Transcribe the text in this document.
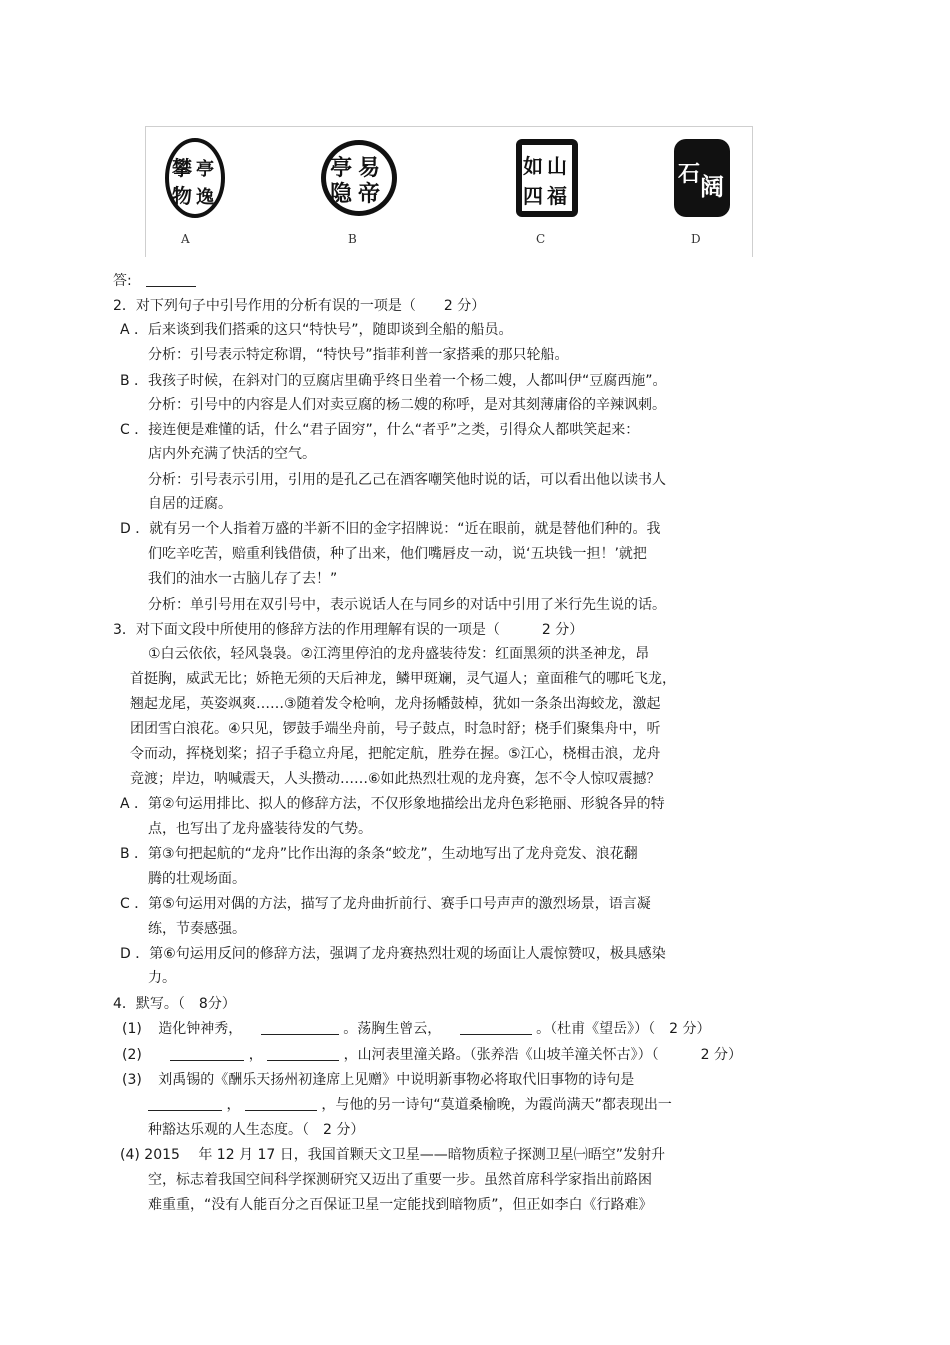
攀 亭
物 逸
亭 易
隐 帝
如 山
四 福
石 阔
A	B	C	D
答:
2．对下列句子中引号作用的分析有误的一项是（　　2 分）
A ．后来谈到我们搭乘的这只“特快号”，随即谈到全船的船员。
分析：引号表示特定称谓，“特快号”指菲利普一家搭乘的那只轮船。
B ．我孩子时候，在斜对门的豆腐店里确乎终日坐着一个杨二嫂，人都叫伊“豆腐西施”。
分析：引号中的内容是人们对卖豆腐的杨二嫂的称呼，是对其刻薄庸俗的辛辣讽刺。
C ．接连便是难懂的话，什么“君子固穷”，什么“者乎”之类，引得众人都哄笑起来：
店内外充满了快活的空气。
分析：引号表示引用，引用的是孔乙己在酒客嘲笑他时说的话，可以看出他以读书人
自居的迂腐。
D ．就有另一个人指着万盛的半新不旧的金字招牌说：“近在眼前，就是替他们种的。我
们吃辛吃苦，赔重利钱借债，种了出来，他们嘴唇皮一动，说‘五块钱一担！’就把
我们的油水一古脑儿存了去！”
分析：单引号用在双引号中，表示说话人在与同乡的对话中引用了米行先生说的话。
3．对下面文段中所使用的修辞方法的作用理解有误的一项是（　　　2 分）
①白云依依，轻风袅袅。②江湾里停泊的龙舟盛装待发：红面黑须的洪圣神龙，昂
首挺胸，威武无比；娇艳无须的天后神龙，鳞甲斑斓，灵气逼人；童面稚气的哪吒飞龙，
翘起龙尾，英姿飒爽……③随着发令枪响，龙舟扬幡鼓棹，犹如一条条出海蛟龙，激起
团团雪白浪花。④只见，锣鼓手端坐舟前，号子鼓点，时急时舒；桡手们聚集舟中，听
令而动，挥桡划桨；招子手稳立舟尾，把舵定航，胜券在握。⑤江心，桡楫击浪，龙舟
竞渡；岸边，呐喊震天，人头攒动……⑥如此热烈壮观的龙舟赛，怎不令人惊叹震撼？
A ．第②句运用排比、拟人的修辞方法，不仅形象地描绘出龙舟色彩艳丽、形貌各异的特
点，也写出了龙舟盛装待发的气势。
B ．第③句把起航的“龙舟”比作出海的条条“蛟龙”，生动地写出了龙舟竞发、浪花翻
腾的壮观场面。
C ．第⑤句运用对偶的方法，描写了龙舟曲折前行、赛手口号声声的激烈场景，语言凝
练，节奏感强。
D ．第⑥句运用反问的修辞方法，强调了龙舟赛热烈壮观的场面让人震惊赞叹，极具感染
力。
4．默写。（　8分）
(1) 造化钟神秀，	。荡胸生曾云，	。（杜甫《望岳》）（　2 分）
(2)	，	，山河表里潼关路。（张养浩《山坡羊潼关怀古》）（　　　2 分）
(3) 刘禹锡的《酬乐天扬州初逢席上见赠》中说明新事物必将取代旧事物的诗句是
，	，与他的另一诗句“莫道桑榆晚，为霞尚满天”都表现出一
种豁达乐观的人生态度。（　2 分）
(4) 2015　 年 12 月 17 日，我国首颗天文卫星——暗物质粒子探测卫星㈠晤空”发射升
空，标志着我国空间科学探测研究又迈出了重要一步。虽然首席科学家指出前路困
难重重，“没有人能百分之百保证卫星一定能找到暗物质”，但正如李白《行路难》
